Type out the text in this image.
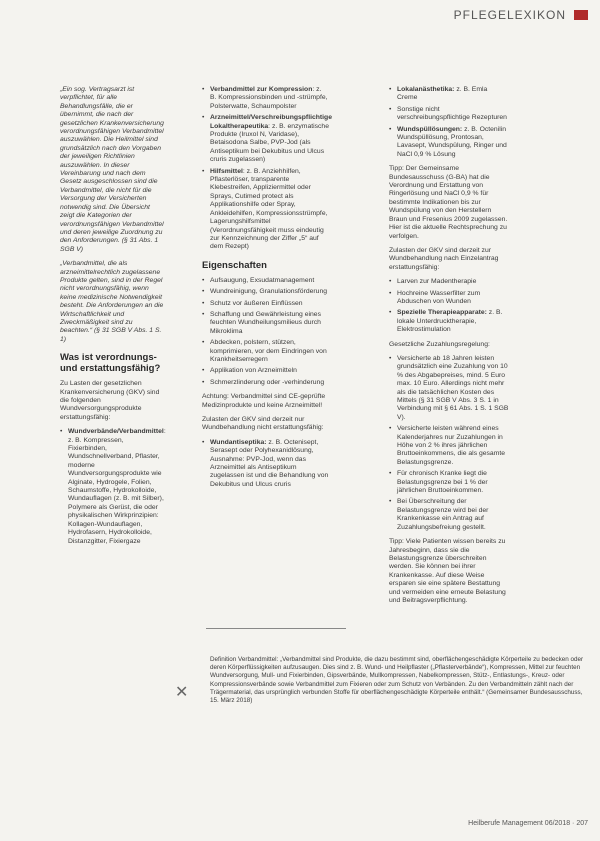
PFLEGELEXIKON

„Ein sog. Vertragsarzt ist verpflichtet, für alle Behandlungsfälle, die er übernimmt, die nach der gesetzlichen Krankenversicherung verordnungsfähigen Verbandmittel auszuwählen. Die Heilmittel sind grundsätzlich nach den Vorgaben der jeweiligen Richtlinien auszuwählen. In dieser Vereinbarung und nach dem Gesetz ausgeschlossen sind die Verbandmittel, die nicht für die Versorgung der Versicherten notwendig sind. Die Übersicht zeigt die Kategorien der verordnungsfähigen Verbandmittel und deren jeweilige Zuordnung zu den Anforderungen. (§ 31 Abs. 1 SGB V)

„Verbandmittel, die als arzneimittelrechtlich zugelassene Produkte gelten, sind in der Regel nicht verordnungsfähig, wenn keine medizinische Notwendigkeit besteht. Die Anforderungen an die Wirtschaftlichkeit und Zweckmäßigkeit sind zu beachten.“ (§ 31 SGB V Abs. 1 S. 1)

Was ist verordnungs- und erstattungsfähig?

Zu Lasten der gesetzlichen Krankenversicherung (GKV) sind die folgenden Wundversorgungsprodukte erstattungsfähig:

• Wundverbände/Verbandmittel: z. B. Kompressen, Fixierbinden, Wundschnellverband, Pflaster, moderne Wundversorgungsprodukte wie Alginate, Hydrogele, Folien, Schaumstoffe, Hydrokolloide, Wundauflagen (z. B. mit Silber), Polymere als Gerüst, die oder physikalischen Wirkprinzipien: Kollagen-Wundauflagen, Hydrofasern, Hydrokolloide, Distanzgitter, Fixiergaze
• Verbandmittel zur Kompression: z. B. Kompressionsbinden und -strümpfe, Polsterwatte, Schaumpolster
• Arzneimittel/Verschreibungspflichtige Lokaltherapeutika: z. B. enzymatische Produkte (Iruxol N, Varidase), Betaisodona Salbe, PVP-Jod (als Antiseptikum bei Dekubitus und Ulcus cruris zugelassen)
• Hilfsmittel: z. B. Anziehhilfen, Pflasterlöser, transparente Klebestreifen, Appliziermittel oder Sprays, Cutimed protect als Applikationshilfe oder Spray, Ankleidehilfen, Kompressionsstrümpfe, Lagerungshilfsmittel (Verordnungsfähigkeit muss eindeutig zur Kennzeichnung der Ziffer „5“ auf dem Rezept)
Eigenschaften
• Aufsaugung, Exsudatmanagement
• Wundreinigung, Granulationsförderung
• Schutz vor äußeren Einflüssen
• Schaffung und Gewährleistung eines feuchten Wundheilungsmilieus durch Mikroklima
• Abdecken, polstern, stützen, komprimieren, vor dem Eindringen von Krankheitserregern
• Applikation von Arzneimitteln
• Schmerzlinderung oder -verhinderung

Achtung: Verbandmittel sind CE-geprüfte Medizinprodukte und keine Arzneimittel!

Zulasten der GKV sind derzeit nur Wundbehandlung nicht erstattungsfähig:

• Wundantiseptika: z. B. Octenisept, Serasept oder Polyhexanidlösung, Ausnahme: PVP-Jod, wenn das Arzneimittel als Antiseptikum zugelassen ist und die Behandlung von Dekubitus und Ulcus cruris
• Lokalanästhetika: z. B. Emla Creme
• Sonstige nicht verschreibungspflichtige Rezepturen
• Wundspüllösungen: z. B. Octenilin Wundspüllösung, Prontosan, Lavasept, Wundspülung, Ringer und NaCl 0,9 % Lösung

Tipp: Der Gemeinsame Bundesausschuss (G-BA) hat die Verordnung und Erstattung von Ringerlösung und NaCl 0,9 % für bestimmte Indikationen bis zur Wundspülung von den Herstellern Braun und Fresenius 2009 zugelassen. Hier ist die aktuelle Rechtsprechung zu verfolgen.

Zulasten der GKV sind derzeit zur Wundbehandlung nach Einzelantrag erstattungsfähig:

• Larven zur Madentherapie
• Hochreine Wasserfilter zum Abduschen von Wunden
• Spezielle Therapieapparate: z. B. lokale Unterdrucktherapie, Elektrostimulation

Gesetzliche Zuzahlungsregelung:

• Versicherte ab 18 Jahren leisten grundsätzlich eine Zuzahlung von 10 % des Abgabepreises, mind. 5 Euro max. 10 Euro. Allerdings nicht mehr als die tatsächlichen Kosten des Mittels (§ 31 SGB V Abs. 3 S. 1 in Verbindung mit § 61 Abs. 1 S. 1 SGB V).
• Versicherte leisten während eines Kalenderjahres nur Zuzahlungen in Höhe von 2 % ihres jährlichen Bruttoeinkommens, die als gesamte Belastungsgrenze.
• Für chronisch Kranke liegt die Belastungsgrenze bei 1 % der jährlichen Bruttoeinkommen.
• Bei Überschreitung der Belastungsgrenze wird bei der Krankenkasse ein Antrag auf Zuzahlungsbefreiung gestellt.

Tipp: Viele Patienten wissen bereits zu Jahresbeginn, dass sie die Belastungsgrenze überschreiten werden. Sie können bei ihrer Krankenkasse. Auf diese Weise ersparen sie eine spätere Bestattung und vermeiden eine erneute Belastung und Beitragsverpflichtung.

✕
Definition Verbandmittel: „Verbandmittel sind Produkte, die dazu bestimmt sind, oberflächengeschädigte Körperteile zu bedecken oder deren Körperflüssigkeiten aufzusaugen. Dies sind z. B. Wund- und Heilpflaster („Pflasterverbände“), Kompressen, Mittel zur feuchten Wundversorgung, Mull- und Fixierbinden, Gipsverbände, Mullkompressen, Nabelkompressen, Stütz-, Entlastungs-, Kreuz- oder Kompressionsverbände sowie Verbandmittel zum Fixieren oder zum Schutz von Verbänden. Zu den Verbandmitteln zählt nach der Trägermaterial, das ursprünglich verbunden Stoffe für oberflächengeschädigte Körperteile enthält.“ (Gemeinsamer Bundesausschuss, 15. März 2018)
Heilberufe Management 06/2018 · 207
